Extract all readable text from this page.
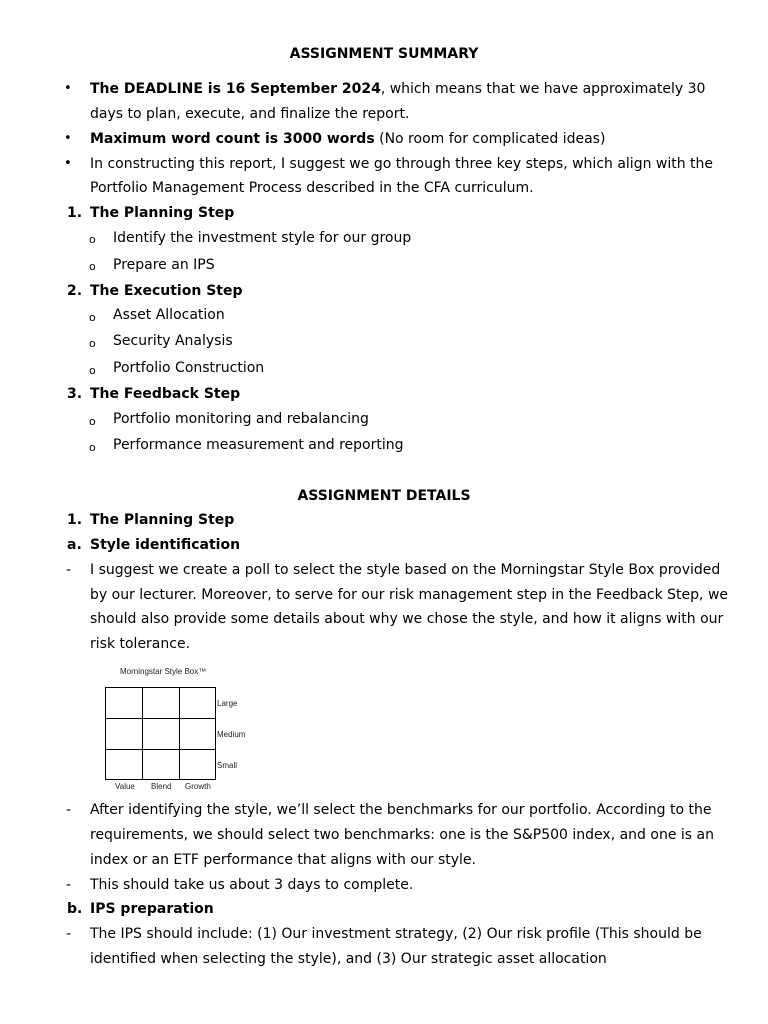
ASSIGNMENT SUMMARY
• The DEADLINE is 16 September 2024, which means that we have approximately 30
days to plan, execute, and finalize the report.
• Maximum word count is 3000 words (No room for complicated ideas)
• In constructing this report, I suggest we go through three key steps, which align with the
Portfolio Management Process described in the CFA curriculum.
1. The Planning Step
o Identify the investment style for our group
o Prepare an IPS
2. The Execution Step
o Asset Allocation
o Security Analysis
o Portfolio Construction
3. The Feedback Step
o Portfolio monitoring and rebalancing
o Performance measurement and reporting
ASSIGNMENT DETAILS
1. The Planning Step
a. Style identification
- I suggest we create a poll to select the style based on the Morningstar Style Box provided
by our lecturer. Moreover, to serve for our risk management step in the Feedback Step, we
should also provide some details about why we chose the style, and how it aligns with our
risk tolerance.
Morningstar Style Box™
Large
Medium
Small
Value Blend Growth
- After identifying the style, we’ll select the benchmarks for our portfolio. According to the
requirements, we should select two benchmarks: one is the S&P500 index, and one is an
index or an ETF performance that aligns with our style.
- This should take us about 3 days to complete.
b. IPS preparation
- The IPS should include: (1) Our investment strategy, (2) Our risk profile (This should be
identified when selecting the style), and (3) Our strategic asset allocation
